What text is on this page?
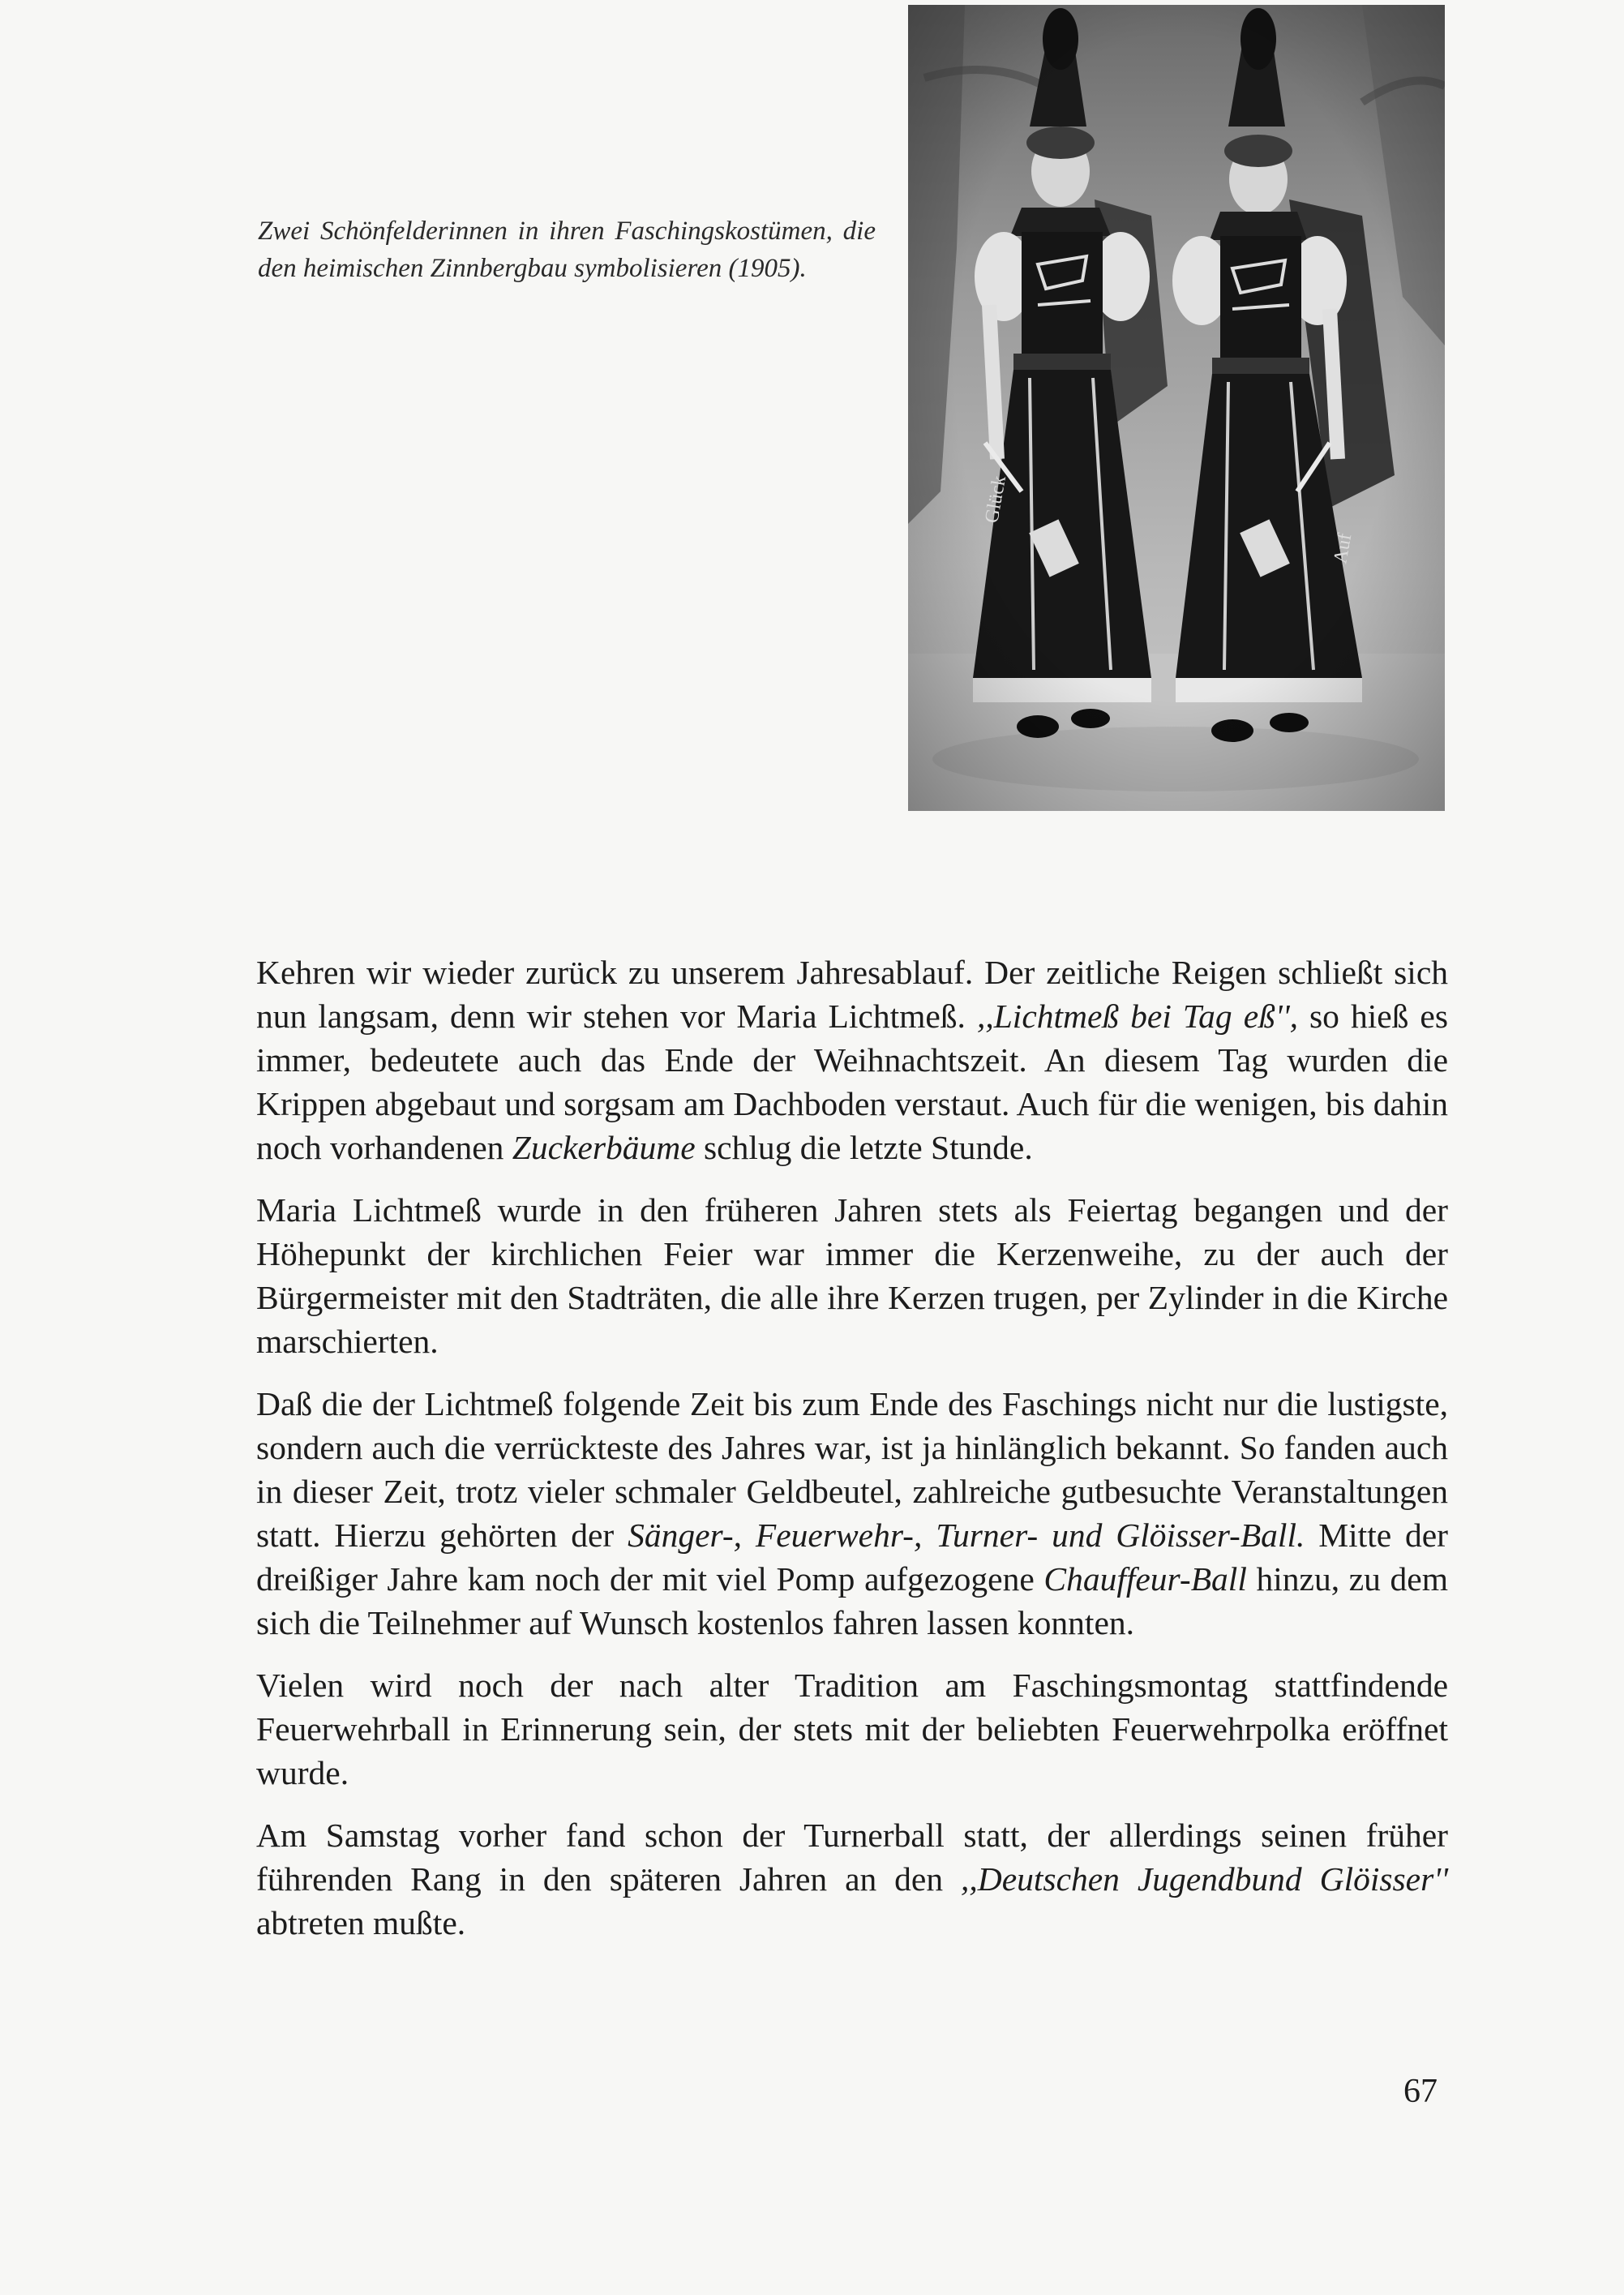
Zwei Schönfelderinnen in ihren Faschingskostümen, die den heimischen Zinnbergbau symbolisieren (1905).

Kehren wir wieder zurück zu unserem Jahresablauf. Der zeitliche Reigen schließt sich nun langsam, denn wir stehen vor Maria Lichtmeß. ,,Lichtmeß bei Tag eß'', so hieß es immer, bedeutete auch das Ende der Weihnachtszeit. An diesem Tag wurden die Krippen abgebaut und sorgsam am Dachboden verstaut. Auch für die wenigen, bis dahin noch vorhandenen Zuckerbäume schlug die letzte Stunde.

Maria Lichtmeß wurde in den früheren Jahren stets als Feiertag begangen und der Höhepunkt der kirchlichen Feier war immer die Kerzenweihe, zu der auch der Bürgermeister mit den Stadträten, die alle ihre Kerzen trugen, per Zylinder in die Kirche marschierten.

Daß die der Lichtmeß folgende Zeit bis zum Ende des Faschings nicht nur die lustigste, sondern auch die verrückteste des Jahres war, ist ja hinlänglich bekannt. So fanden auch in dieser Zeit, trotz vieler schmaler Geldbeutel, zahlreiche gutbesuchte Veranstaltungen statt. Hierzu gehörten der Sänger-, Feuerwehr-, Turner- und Glöisser-Ball. Mitte der dreißiger Jahre kam noch der mit viel Pomp aufgezogene Chauffeur-Ball hinzu, zu dem sich die Teilnehmer auf Wunsch kostenlos fahren lassen konnten.

Vielen wird noch der nach alter Tradition am Faschingsmontag stattfindende Feuerwehrball in Erinnerung sein, der stets mit der beliebten Feuerwehrpolka eröffnet wurde.

Am Samstag vorher fand schon der Turnerball statt, der allerdings seinen früher führenden Rang in den späteren Jahren an den ,,Deutschen Jugendbund Glöisser'' abtreten mußte.

67
